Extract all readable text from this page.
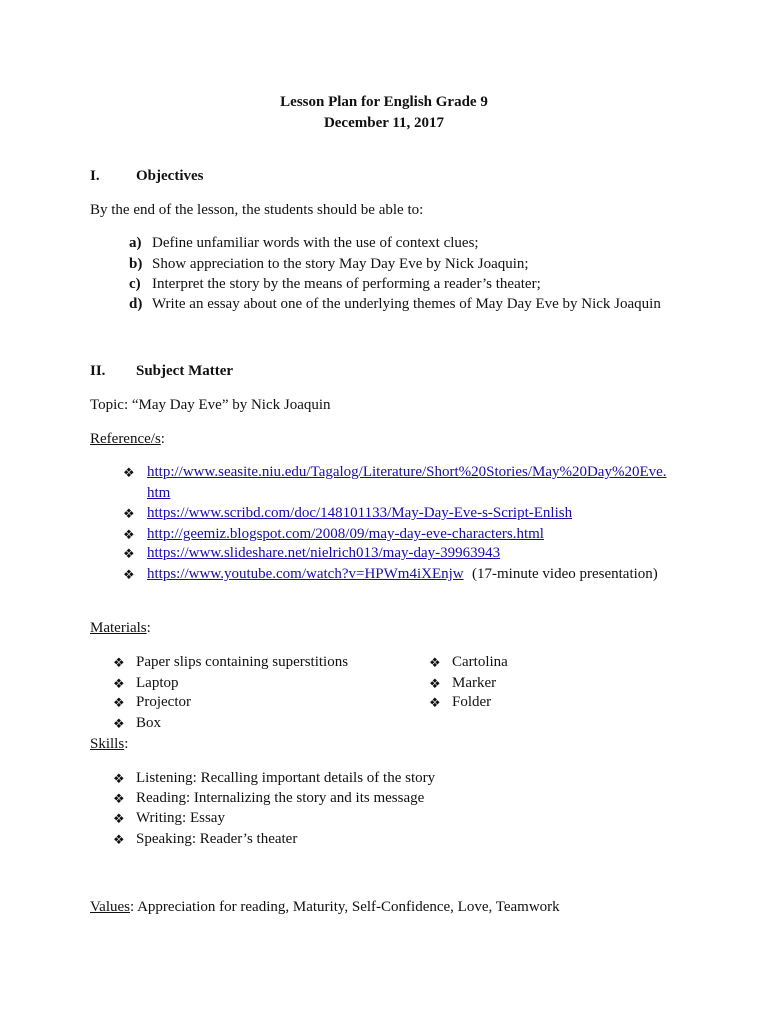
Lesson Plan for English Grade 9
December 11, 2017
I. Objectives
By the end of the lesson, the students should be able to:
a) Define unfamiliar words with the use of context clues;
b) Show appreciation to the story May Day Eve by Nick Joaquin;
c) Interpret the story by the means of performing a reader’s theater;
d) Write an essay about one of the underlying themes of May Day Eve by Nick Joaquin
II. Subject Matter
Topic: “May Day Eve” by Nick Joaquin
Reference/s:
❖ http://www.seasite.niu.edu/Tagalog/Literature/Short%20Stories/May%20Day%20Eve.
htm
❖ https://www.scribd.com/doc/148101133/May-Day-Eve-s-Script-Enlish
❖ http://geemiz.blogspot.com/2008/09/may-day-eve-characters.html
❖ https://www.slideshare.net/nielrich013/may-day-39963943
❖ https://www.youtube.com/watch?v=HPWm4iXEnjw (17-minute video presentation)
Materials:
❖ Paper slips containing superstitions
❖ Laptop
❖ Projector
❖ Box
❖ Cartolina
❖ Marker
❖ Folder
Skills:
❖ Listening: Recalling important details of the story
❖ Reading: Internalizing the story and its message
❖ Writing: Essay
❖ Speaking: Reader’s theater
Values: Appreciation for reading, Maturity, Self-Confidence, Love, Teamwork
